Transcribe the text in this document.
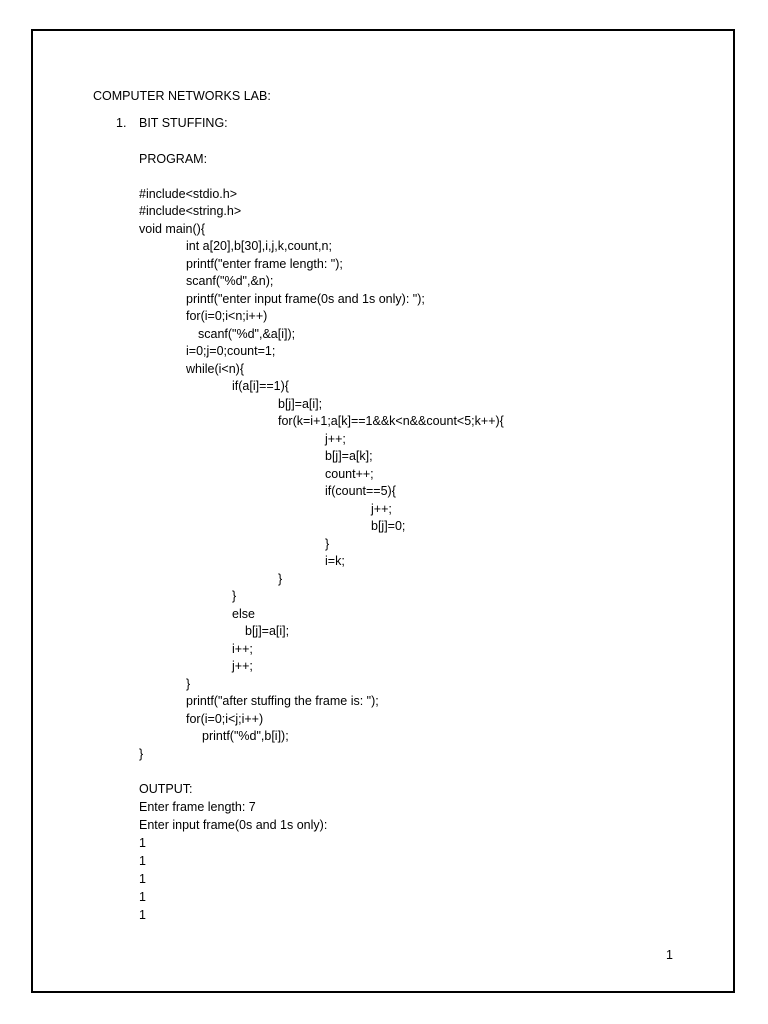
COMPUTER NETWORKS LAB:
1. BIT STUFFING:
PROGRAM:
#include<stdio.h>
#include<string.h>
void main(){
int a[20],b[30],i,j,k,count,n;
printf("enter frame length: ");
scanf("%d",&n);
printf("enter input frame(0s and 1s only): ");
for(i=0;i<n;i++)
scanf("%d",&a[i]);
i=0;j=0;count=1;
while(i<n){
if(a[i]==1){
b[j]=a[i];
for(k=i+1;a[k]==1&&k<n&&count<5;k++){
j++;
b[j]=a[k];
count++;
if(count==5){
j++;
b[j]=0;
}
i=k;
}
}
else
b[j]=a[i];
i++;
j++;
}
printf("after stuffing the frame is: ");
for(i=0;i<j;i++)
printf("%d",b[i]);
}
OUTPUT:
Enter frame length: 7
Enter input frame(0s and 1s only):
1
1
1
1
1
1
